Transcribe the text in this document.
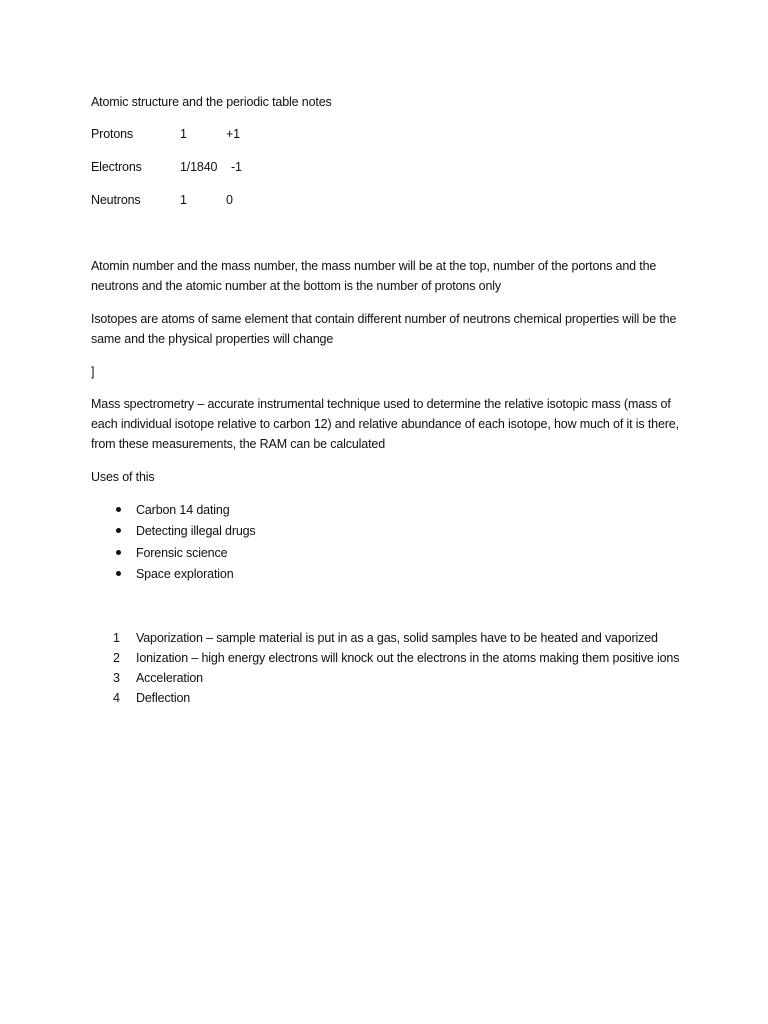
Atomic structure and the periodic table notes
Protons	1	+1
Electrons	1/1840 -1
Neutrons	1	0
Atomin number and the mass number, the mass number will be at the top, number of the portons and the neutrons and the atomic number at the bottom is the number of protons only
Isotopes are atoms of same element that contain different number of neutrons chemical properties will be the same and the physical properties will change
]
Mass spectrometry – accurate instrumental technique used to determine the relative isotopic mass (mass of each individual isotope relative to carbon 12) and relative abundance of each isotope, how much of it is there, from these measurements, the RAM can be calculated
Uses of this
Carbon 14 dating
Detecting illegal drugs
Forensic science
Space exploration
1 Vaporization – sample material is put in as a gas, solid samples have to be heated and vaporized
2 Ionization – high energy electrons will knock out the electrons in the atoms making them positive ions
3 Acceleration
4 Deflection
